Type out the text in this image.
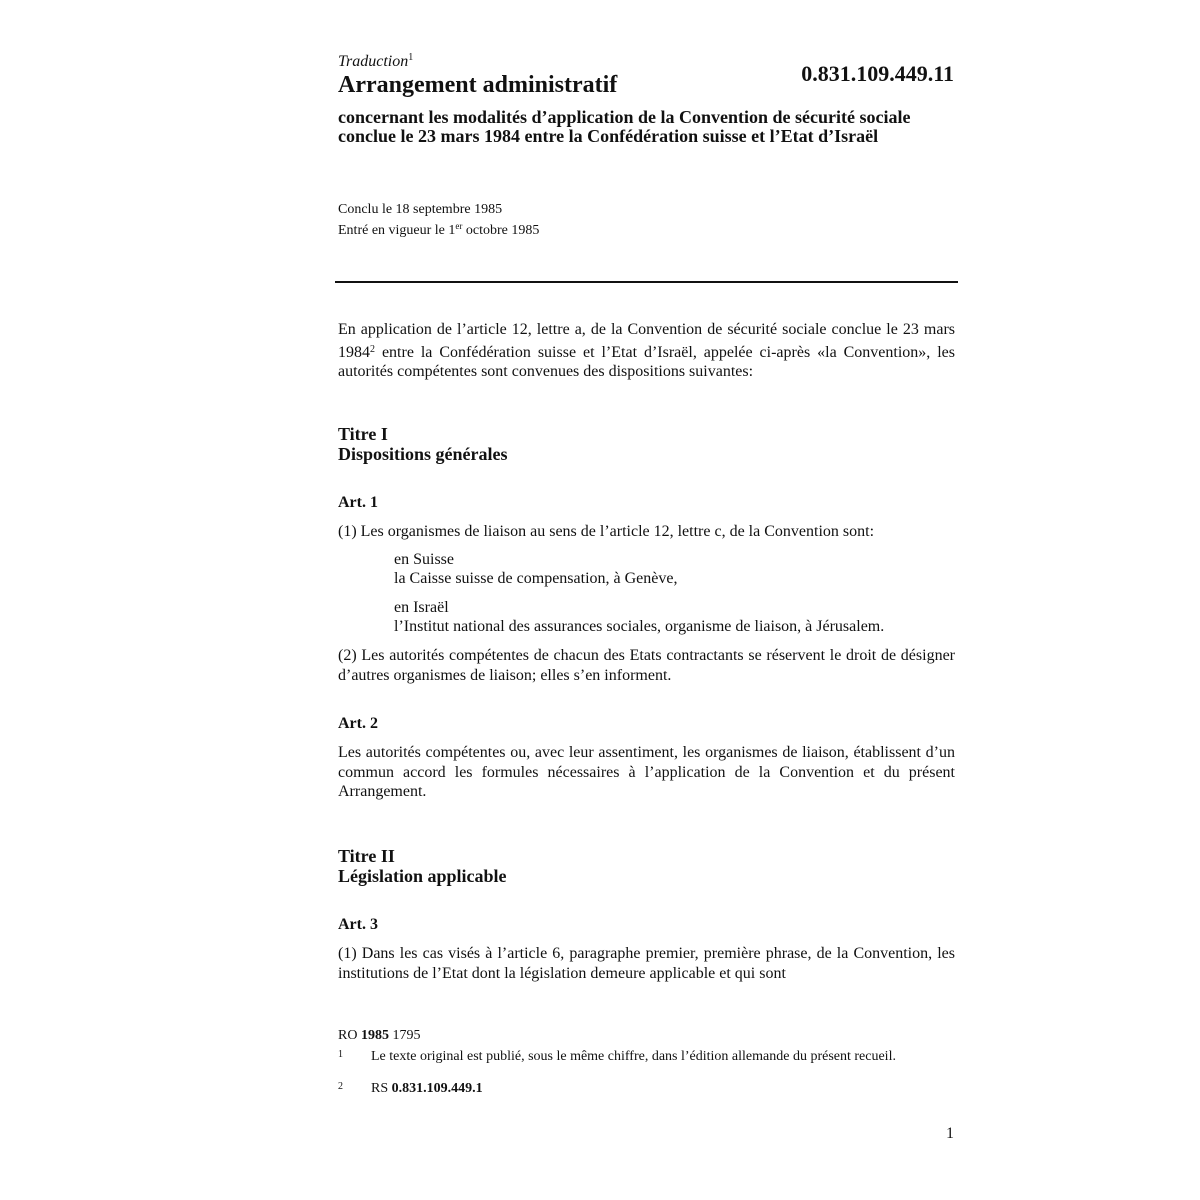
Traduction$^1$
Arrangement administratif	0.831.109.449.11
concernant les modalités d’application de la Convention de sécurité sociale conclue le 23 mars 1984 entre la Confédération suisse et l’Etat d’Israël
Conclu le 18 septembre 1985
Entré en vigueur le 1er octobre 1985
En application de l’article 12, lettre a, de la Convention de sécurité sociale conclue le 23 mars 1984$^2$ entre la Confédération suisse et l’Etat d’Israël, appelée ci-après «la Convention», les autorités compétentes sont convenues des dispositions suivantes:
Titre I
Dispositions générales
Art. 1
(1) Les organismes de liaison au sens de l’article 12, lettre c, de la Convention sont:
en Suisse
la Caisse suisse de compensation, à Genève,
en Israël
l’Institut national des assurances sociales, organisme de liaison, à Jérusalem.
(2) Les autorités compétentes de chacun des Etats contractants se réservent le droit de désigner d’autres organismes de liaison; elles s’en informent.
Art. 2
Les autorités compétentes ou, avec leur assentiment, les organismes de liaison, établissent d’un commun accord les formules nécessaires à l’application de la Convention et du présent Arrangement.
Titre II
Législation applicable
Art. 3
(1) Dans les cas visés à l’article 6, paragraphe premier, première phrase, de la Convention, les institutions de l’Etat dont la législation demeure applicable et qui sont
RO 1985 1795
1 Le texte original est publié, sous le même chiffre, dans l’édition allemande du présent recueil.
2 RS 0.831.109.449.1
1
